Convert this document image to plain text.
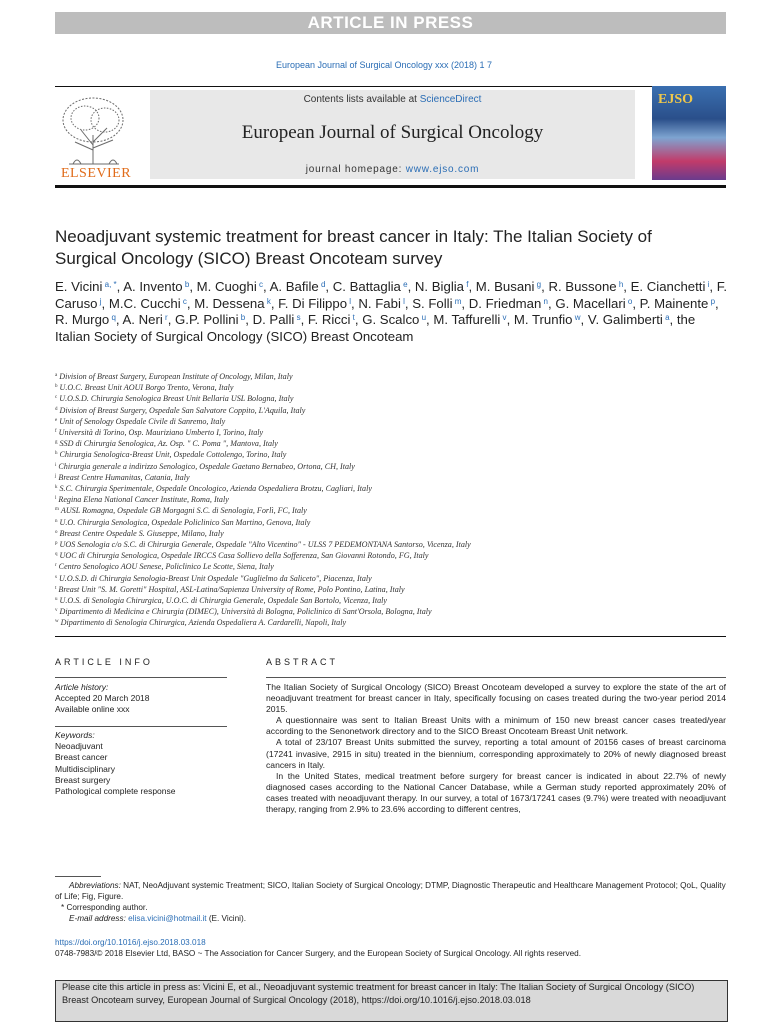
ARTICLE IN PRESS
European Journal of Surgical Oncology xxx (2018) 1 7
ELSEVIER
Contents lists available at ScienceDirect
European Journal of Surgical Oncology
journal homepage: www.ejso.com
EJSO
Neoadjuvant systemic treatment for breast cancer in Italy: The Italian Society of Surgical Oncology (SICO) Breast Oncoteam survey
E. Vicini $^{a, *}$, A. Invento $^b$, M. Cuoghi $^c$, A. Bafile $^d$, C. Battaglia $^e$, N. Biglia $^f$, M. Busani $^g$, R. Bussone $^h$, E. Cianchetti $^i$, F. Caruso $^j$, M.C. Cucchi $^c$, M. Dessena $^k$, F. Di Filippo $^l$, N. Fabi $^l$, S. Folli $^m$, D. Friedman $^n$, G. Macellari $^o$, P. Mainente $^p$, R. Murgo $^q$, A. Neri $^r$, G.P. Pollini $^b$, D. Palli $^s$, F. Ricci $^t$, G. Scalco $^u$, M. Taffurelli $^v$, M. Trunfio $^w$, V. Galimberti $^a$, the Italian Society of Surgical Oncology (SICO) Breast Oncoteam
$^a$ Division of Breast Surgery, European Institute of Oncology, Milan, Italy
$^b$ U.O.C. Breast Unit AOUI Borgo Trento, Verona, Italy
$^c$ U.O.S.D. Chirurgia Senologica Breast Unit Bellaria USL Bologna, Italy
$^d$ Division of Breast Surgery, Ospedale San Salvatore Coppito, L'Aquila, Italy
$^e$ Unit of Senology Ospedale Civile di Sanremo, Italy
$^f$ Università di Torino, Osp. Mauriziano Umberto I, Torino, Italy
$^g$ SSD di Chirurgia Senologica, Az. Osp. " C. Poma ", Mantova, Italy
$^h$ Chirurgia Senologica-Breast Unit, Ospedale Cottolengo, Torino, Italy
$^i$ Chirurgia generale a indirizzo Senologico, Ospedale Gaetano Bernabeo, Ortona, CH, Italy
$^j$ Breast Centre Humanitas, Catania, Italy
$^k$ S.C. Chirurgia Sperimentale, Ospedale Oncologico, Azienda Ospedaliera Brotzu, Cagliari, Italy
$^l$ Regina Elena National Cancer Institute, Roma, Italy
$^m$ AUSL Romagna, Ospedale GB Morgagni S.C. di Senologia, Forlì, FC, Italy
$^n$ U.O. Chirurgia Senologica, Ospedale Policlinico San Martino, Genova, Italy
$^o$ Breast Centre Ospedale S. Giuseppe, Milano, Italy
$^p$ UOS Senologia c/o S.C. di Chirurgia Generale, Ospedale "Alto Vicentino" - ULSS 7 PEDEMONTANA Santorso, Vicenza, Italy
$^q$ UOC di Chirurgia Senologica, Ospedale IRCCS Casa Sollievo della Sofferenza, San Giovanni Rotondo, FG, Italy
$^r$ Centro Senologico AOU Senese, Policlinico Le Scotte, Siena, Italy
$^s$ U.O.S.D. di Chirurgia Senologia-Breast Unit Ospedale "Guglielmo da Saliceto", Piacenza, Italy
$^t$ Breast Unit "S. M. Goretti" Hospital, ASL-Latina/Sapienza University of Rome, Polo Pontino, Latina, Italy
$^u$ U.O.S. di Senologia Chirurgica, U.O.C. di Chirurgia Generale, Ospedale San Bortolo, Vicenza, Italy
$^v$ Dipartimento di Medicina e Chirurgia (DIMEC), Università di Bologna, Policlinico di Sant'Orsola, Bologna, Italy
$^w$ Dipartimento di Senologia Chirurgica, Azienda Ospedaliera A. Cardarelli, Napoli, Italy
ARTICLE INFO
Article history:
Accepted 20 March 2018
Available online xxx
Keywords:
Neoadjuvant
Breast cancer
Multidisciplinary
Breast surgery
Pathological complete response
ABSTRACT

The Italian Society of Surgical Oncology (SICO) Breast Oncoteam developed a survey to explore the state of the art of neoadjuvant treatment for breast cancer in Italy, specifically focusing on cases treated during the two-year period 2014 2015.

A questionnaire was sent to Italian Breast Units with a minimum of 150 new breast cancer cases treated/year according to the Senonetwork directory and to the SICO Breast Oncoteam Breast Unit network.

A total of 23/107 Breast Units submitted the survey, reporting a total amount of 20156 cases of breast carcinoma (17241 invasive, 2915 in situ) treated in the biennium, corresponding approximately to 20% of newly diagnosed breast cancers in Italy.

In the United States, medical treatment before surgery for breast cancer is indicated in about 22.7% of newly diagnosed cases according to the National Cancer Database, while a German study reported approximately 20% of cases treated with neoadjuvant therapy. In our survey, a total of 1673/17241 cases (9.7%) were treated with neoadjuvant therapy, ranging from 2.9% to 23.6% according to different centres,

Abbreviations: NAT, NeoAdjuvant systemic Treatment; SICO, Italian Society of Surgical Oncology; DTMP, Diagnostic Therapeutic and Healthcare Management Protocol; QoL, Quality of Life; Fig, Figure.
* Corresponding author.
E-mail address: elisa.vicini@hotmail.it (E. Vicini).
https://doi.org/10.1016/j.ejso.2018.03.018
0748-7983/© 2018 Elsevier Ltd, BASO ~ The Association for Cancer Surgery, and the European Society of Surgical Oncology. All rights reserved.
Please cite this article in press as: Vicini E, et al., Neoadjuvant systemic treatment for breast cancer in Italy: The Italian Society of Surgical Oncology (SICO) Breast Oncoteam survey, European Journal of Surgical Oncology (2018), https://doi.org/10.1016/j.ejso.2018.03.018
